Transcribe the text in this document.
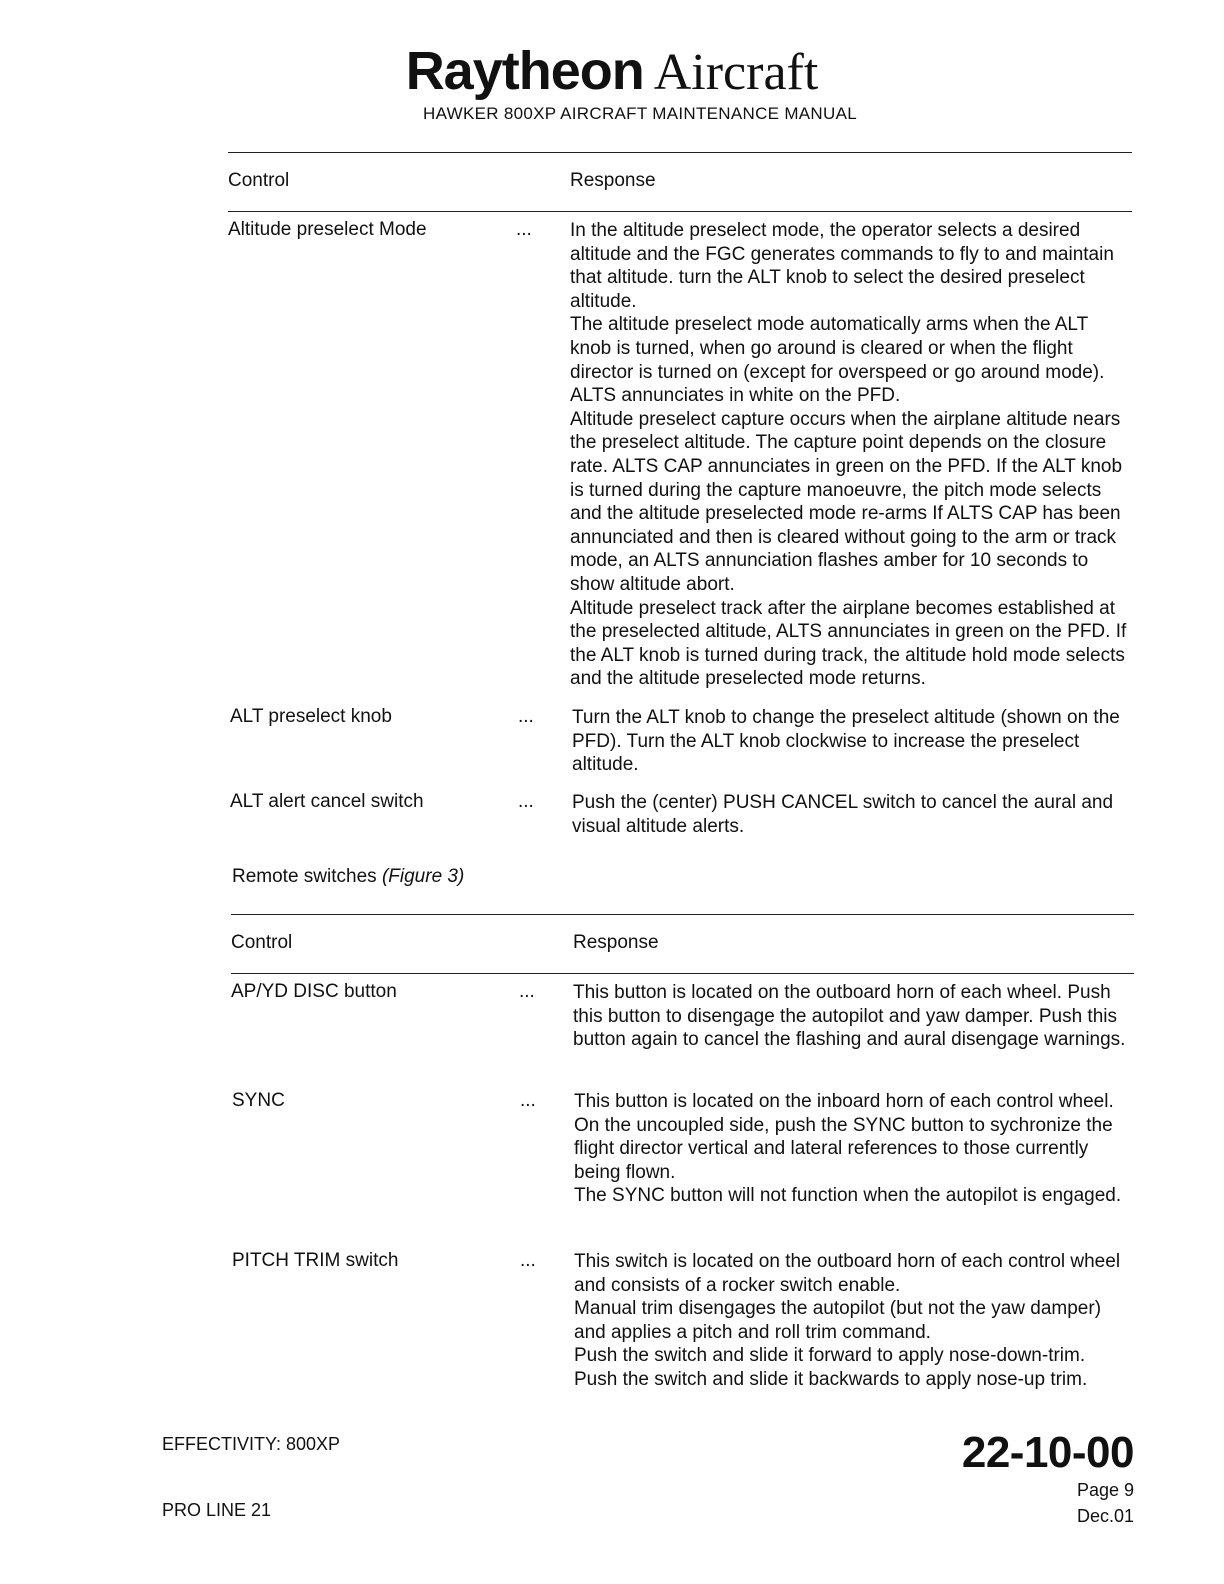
Raytheon Aircraft
HAWKER 800XP AIRCRAFT MAINTENANCE MANUAL
Control	Response
Altitude preselect Mode	... In the altitude preselect mode, the operator selects a desired altitude and the FGC generates commands to fly to and maintain that altitude. turn the ALT knob to select the desired preselect altitude.

The altitude preselect mode automatically arms when the ALT knob is turned, when go around is cleared or when the flight director is turned on (except for overspeed or go around mode). ALTS annunciates in white on the PFD.

Altitude preselect capture occurs when the airplane altitude nears the preselect altitude. The capture point depends on the closure rate. ALTS CAP annunciates in green on the PFD. If the ALT knob is turned during the capture manoeuvre, the pitch mode selects and the altitude preselected mode re-arms If ALTS CAP has been annunciated and then is cleared without going to the arm or track mode, an ALTS annunciation flashes amber for 10 seconds to show altitude abort.

Altitude preselect track after the airplane becomes established at the preselected altitude, ALTS annunciates in green on the PFD. If the ALT knob is turned during track, the altitude hold mode selects and the altitude preselected mode returns.

ALT preselect knob	... Turn the ALT knob to change the preselect altitude (shown on the PFD). Turn the ALT knob clockwise to increase the preselect altitude.

ALT alert cancel switch	... Push the (center) PUSH CANCEL switch to cancel the aural and visual altitude alerts.

Remote switches (Figure 3)
Control	Response
AP/YD DISC button	... This button is located on the outboard horn of each wheel. Push this button to disengage the autopilot and yaw damper. Push this button again to cancel the flashing and aural disengage warnings.

SYNC	... This button is located on the inboard horn of each control wheel. On the uncoupled side, push the SYNC button to sychronize the flight director vertical and lateral references to those currently being flown.

The SYNC button will not function when the autopilot is engaged.

PITCH TRIM switch	... This switch is located on the outboard horn of each control wheel and consists of a rocker switch enable.

Manual trim disengages the autopilot (but not the yaw damper) and applies a pitch and roll trim command.

Push the switch and slide it forward to apply nose-down-trim.

Push the switch and slide it backwards to apply nose-up trim.

EFFECTIVITY: 800XP
PRO LINE 21
22-10-00
Page 9
Dec.01
